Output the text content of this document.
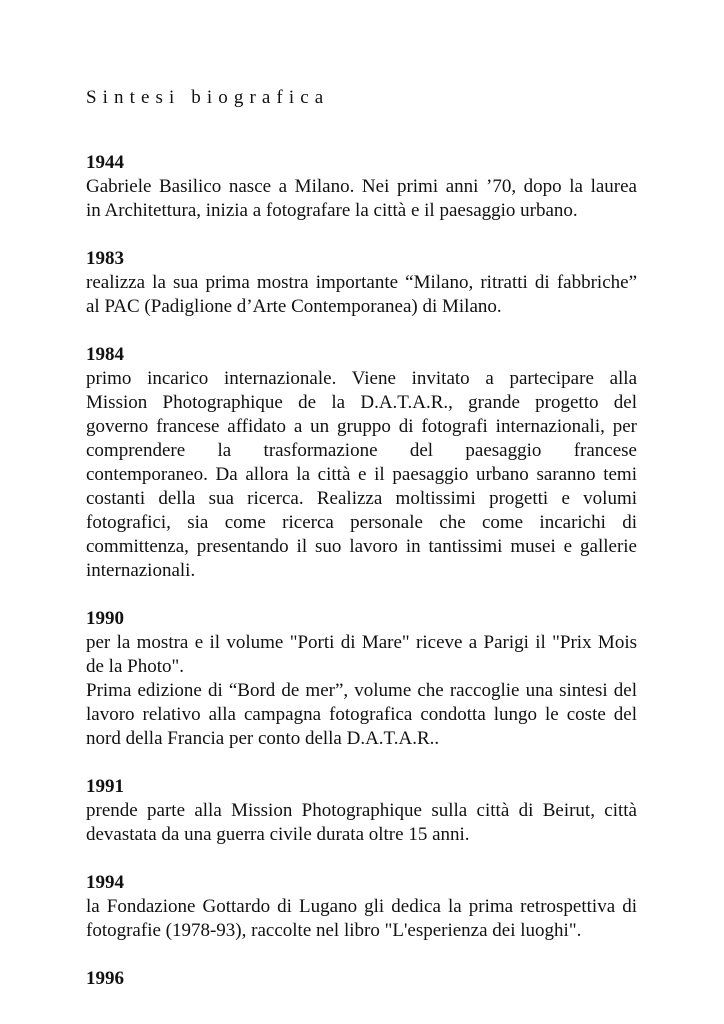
Sintesi biografica
1944
Gabriele Basilico nasce a Milano. Nei primi anni ’70, dopo la laurea
in Architettura, inizia a fotografare la città e il paesaggio urbano.
1983
realizza la sua prima mostra importante “Milano, ritratti di fabbriche”
al PAC (Padiglione d’Arte Contemporanea) di Milano.
1984
primo incarico internazionale. Viene invitato a partecipare alla
Mission Photographique de la D.A.T.A.R., grande progetto del
governo francese affidato a un gruppo di fotografi internazionali, per
comprendere la trasformazione del paesaggio francese
contemporaneo. Da allora la città e il paesaggio urbano saranno temi
costanti della sua ricerca. Realizza moltissimi progetti e volumi
fotografici, sia come ricerca personale che come incarichi di
committenza, presentando il suo lavoro in tantissimi musei e gallerie
internazionali.
1990
per la mostra e il volume "Porti di Mare" riceve a Parigi il "Prix Mois
de la Photo".
Prima edizione di “Bord de mer”, volume che raccoglie una sintesi del
lavoro relativo alla campagna fotografica condotta lungo le coste del
nord della Francia per conto della D.A.T.A.R..
1991
prende parte alla Mission Photographique sulla città di Beirut, città
devastata da una guerra civile durata oltre 15 anni.
1994
la Fondazione Gottardo di Lugano gli dedica la prima retrospettiva di
fotografie (1978-93), raccolte nel libro "L'esperienza dei luoghi".
1996
